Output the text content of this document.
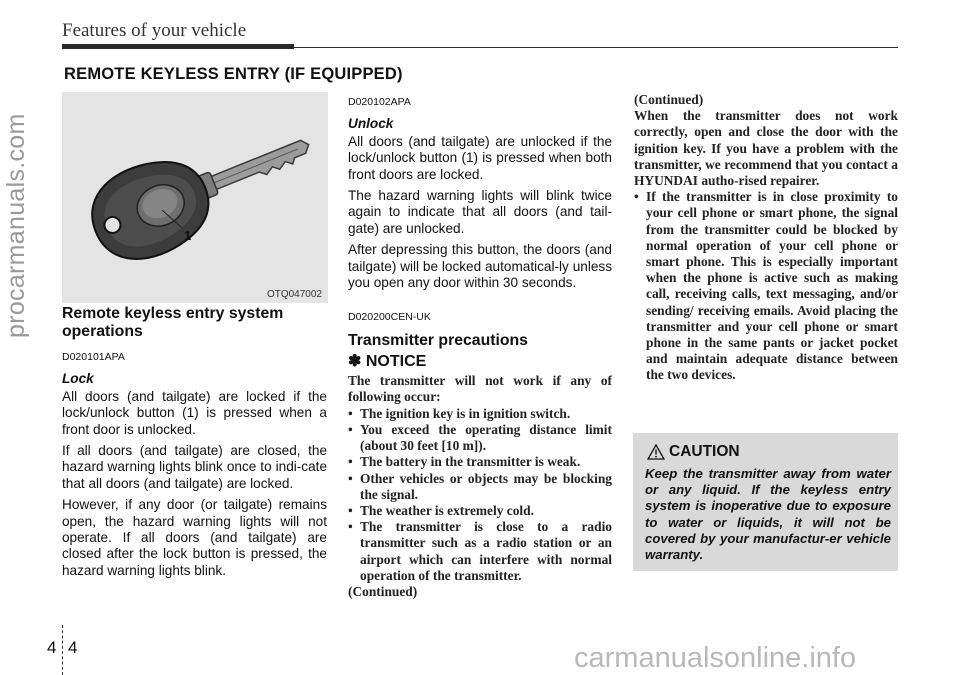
Features of your vehicle
REMOTE KEYLESS ENTRY (IF EQUIPPED)
procarmanuals.com	1
OTQ047002
Remote keyless entry system operations
D020101APA
Lock

All doors (and tailgate) are locked if the lock/unlock button (1) is pressed when a front door is unlocked.

If all doors (and tailgate) are closed, the hazard warning lights blink once to indi-cate that all doors (and tailgate) are locked.

However, if any door (or tailgate) remains open, the hazard warning lights will not operate. If all doors (and tailgate) are closed after the lock button is pressed, the hazard warning lights blink.

D020102APA
Unlock

All doors (and tailgate) are unlocked if the lock/unlock button (1) is pressed when both front doors are locked.

The hazard warning lights will blink twice again to indicate that all doors (and tail-gate) are unlocked.

After depressing this button, the doors (and tailgate) will be locked automatical-ly unless you open any door within 30 seconds.

D020200CEN-UK
Transmitter precautions
✽ NOTICE

The transmitter will not work if any of following occur:

• The ignition key is in ignition switch.
• You exceed the operating distance limit (about 30 feet [10 m]).
• The battery in the transmitter is weak.
• Other vehicles or objects may be blocking the signal.
• The weather is extremely cold.
• The transmitter is close to a radio transmitter such as a radio station or an airport which can interfere with normal operation of the transmitter.

(Continued)

(Continued)

When the transmitter does not work correctly, open and close the door with the ignition key. If you have a problem with the transmitter, we recommend that you contact a HYUNDAI autho-rised repairer.

• If the transmitter is in close proximity to your cell phone or smart phone, the signal from the transmitter could be blocked by normal operation of your cell phone or smart phone. This is especially important when the phone is active such as making call, receiving calls, text messaging, and/or sending/ receiving emails. Avoid placing the transmitter and your cell phone or smart phone in the same pants or jacket pocket and maintain adequate distance between the two devices.
CAUTION
Keep the transmitter away from water or any liquid. If the keyless entry system is inoperative due to exposure to water or liquids, it will not be covered by your manufactur-er vehicle warranty.
4 4	carmanualsonline.info
